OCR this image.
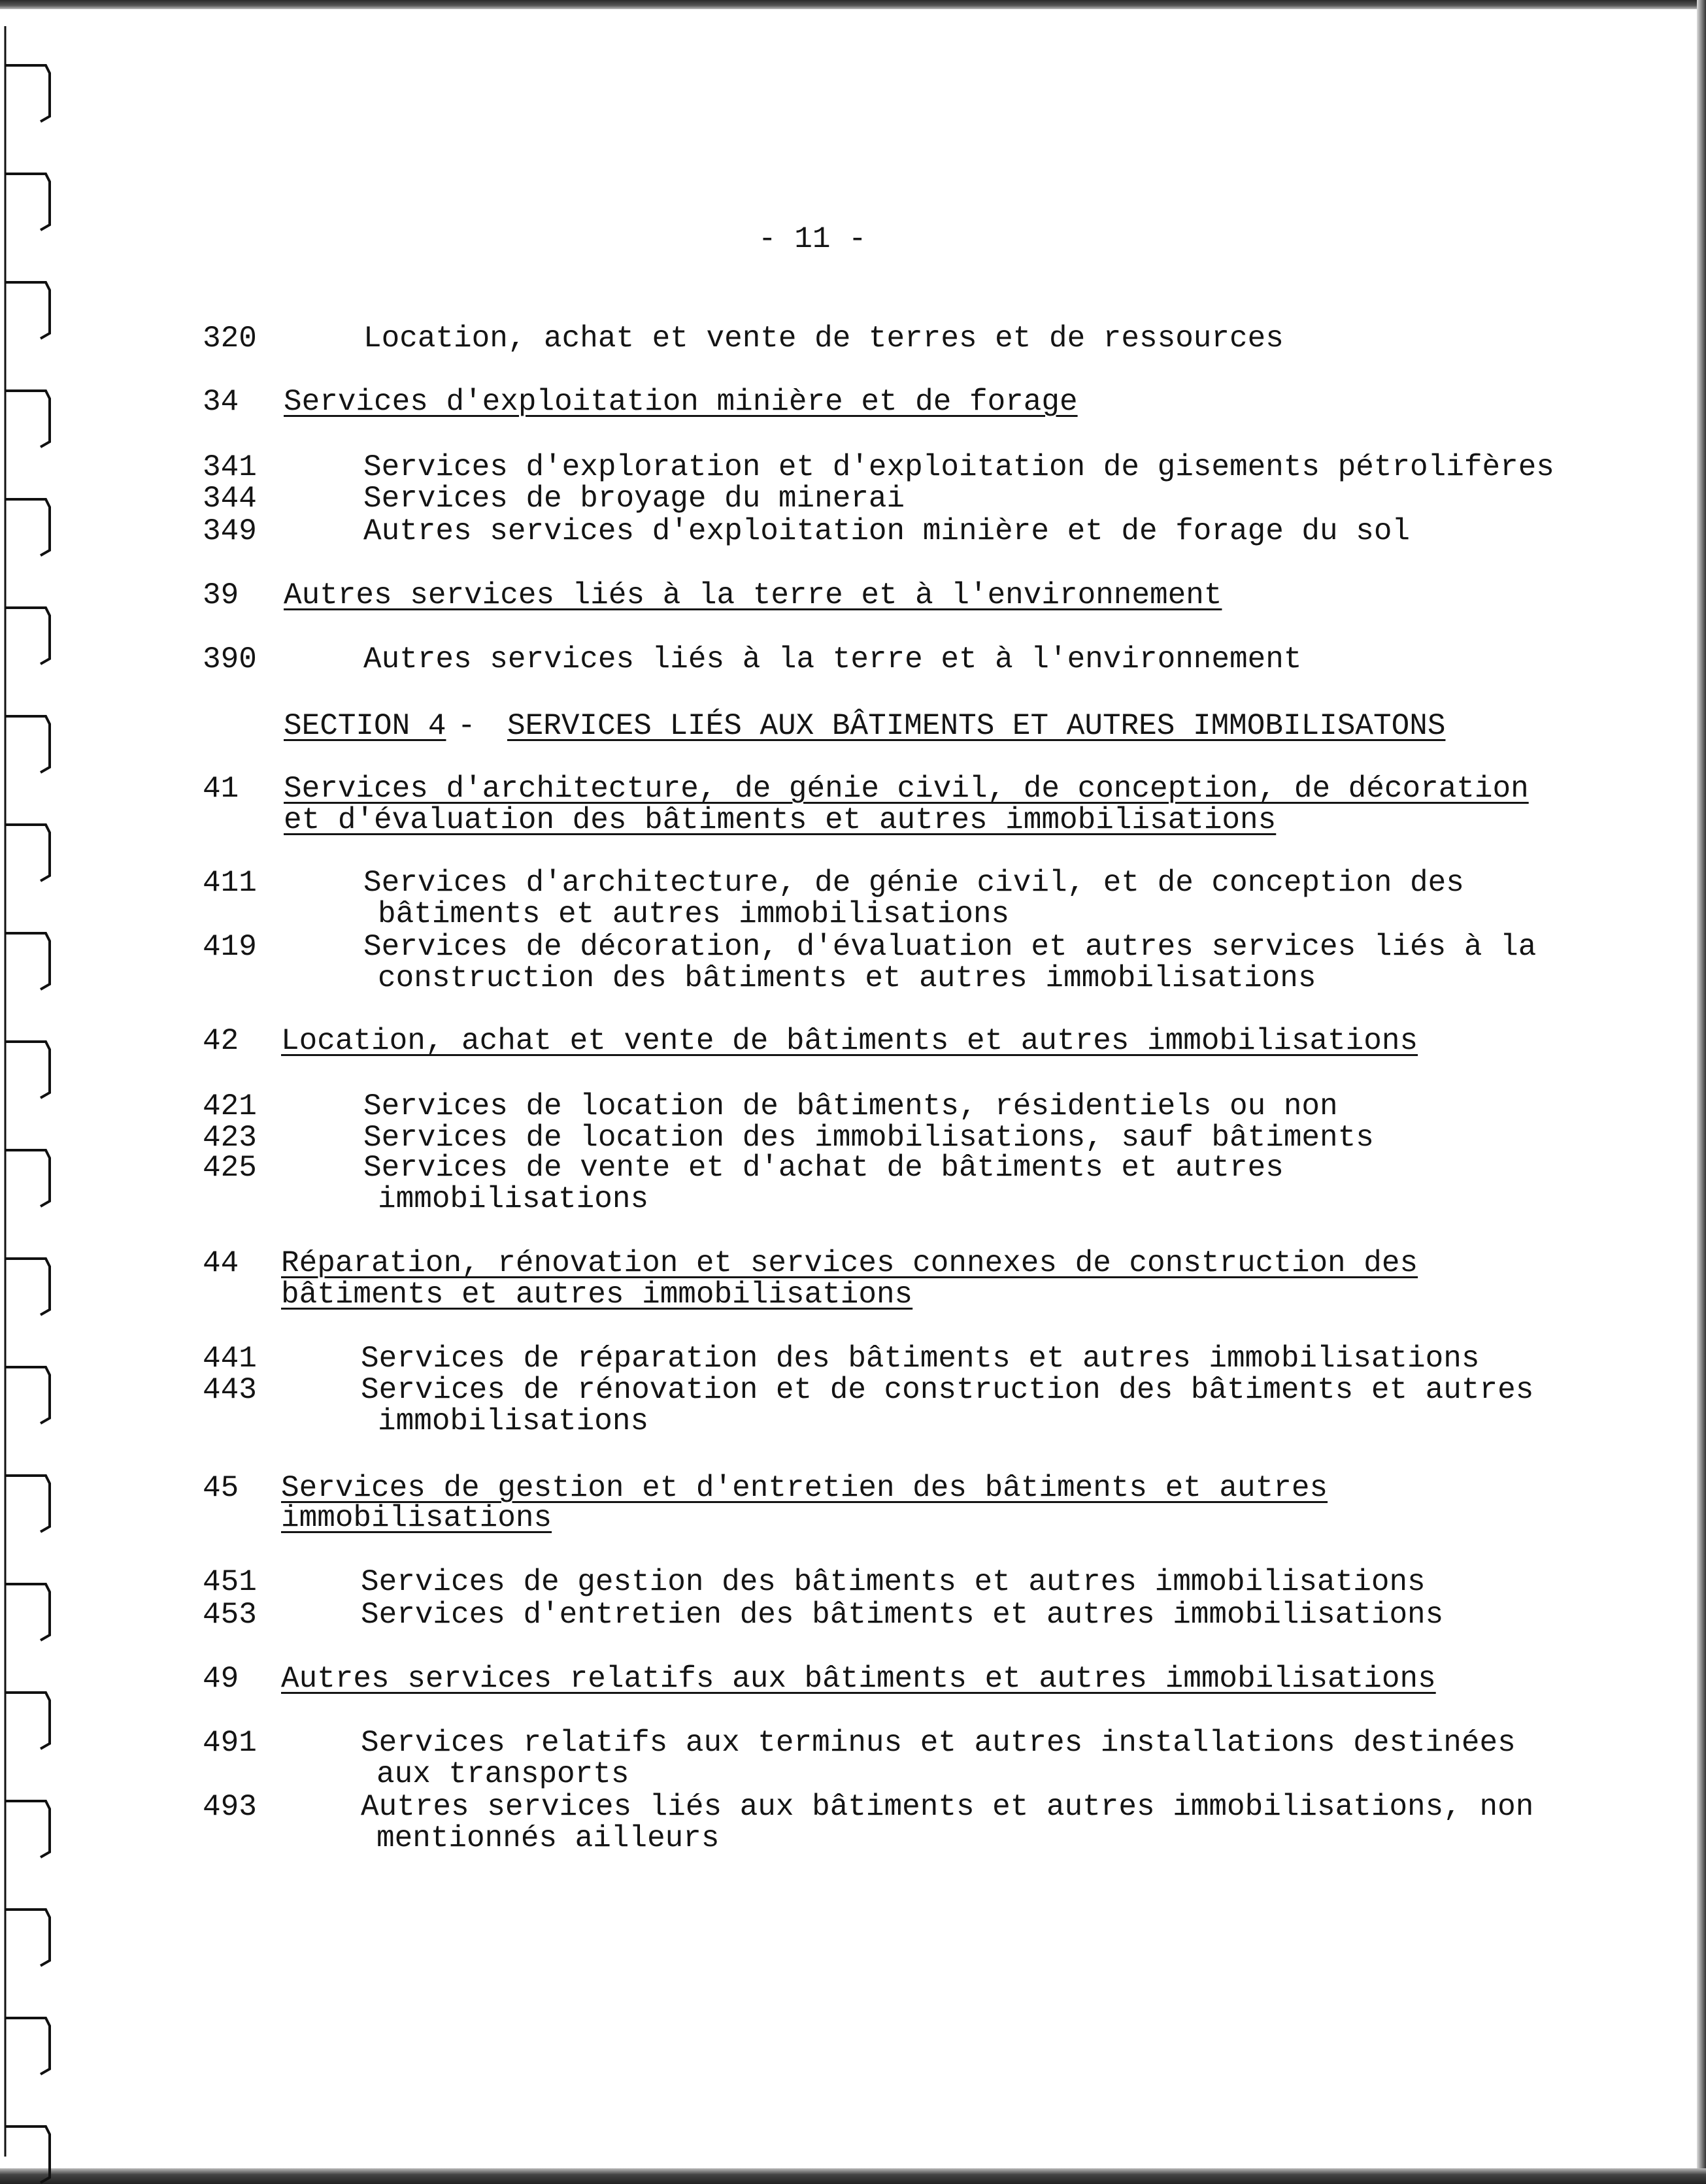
- 11 -
320	Location, achat et vente de terres et de ressources
34 Services d'exploitation minière et de forage
341	Services d'exploration et d'exploitation de gisements pétrolifères
344	Services de broyage du minerai
349	Autres services d'exploitation minière et de forage du sol
39 Autres services liés à la terre et à l'environnement
390	Autres services liés à la terre et à l'environnement
SECTION 4 - SERVICES LIÉS AUX BÂTIMENTS ET AUTRES IMMOBILISATONS
41 Services d'architecture, de génie civil, de conception, de décoration
et d'évaluation des bâtiments et autres immobilisations
411	Services d'architecture, de génie civil, et de conception des
bâtiments et autres immobilisations
419	Services de décoration, d'évaluation et autres services liés à la
construction des bâtiments et autres immobilisations
42 Location, achat et vente de bâtiments et autres immobilisations
421	Services de location de bâtiments, résidentiels ou non
423	Services de location des immobilisations, sauf bâtiments
425	Services de vente et d'achat de bâtiments et autres
immobilisations
44 Réparation, rénovation et services connexes de construction des
bâtiments et autres immobilisations
441	Services de réparation des bâtiments et autres immobilisations
443	Services de rénovation et de construction des bâtiments et autres
immobilisations
45 Services de gestion et d'entretien des bâtiments et autres
immobilisations
451	Services de gestion des bâtiments et autres immobilisations
453	Services d'entretien des bâtiments et autres immobilisations
49 Autres services relatifs aux bâtiments et autres immobilisations
491	Services relatifs aux terminus et autres installations destinées
aux transports
493	Autres services liés aux bâtiments et autres immobilisations, non
mentionnés ailleurs
